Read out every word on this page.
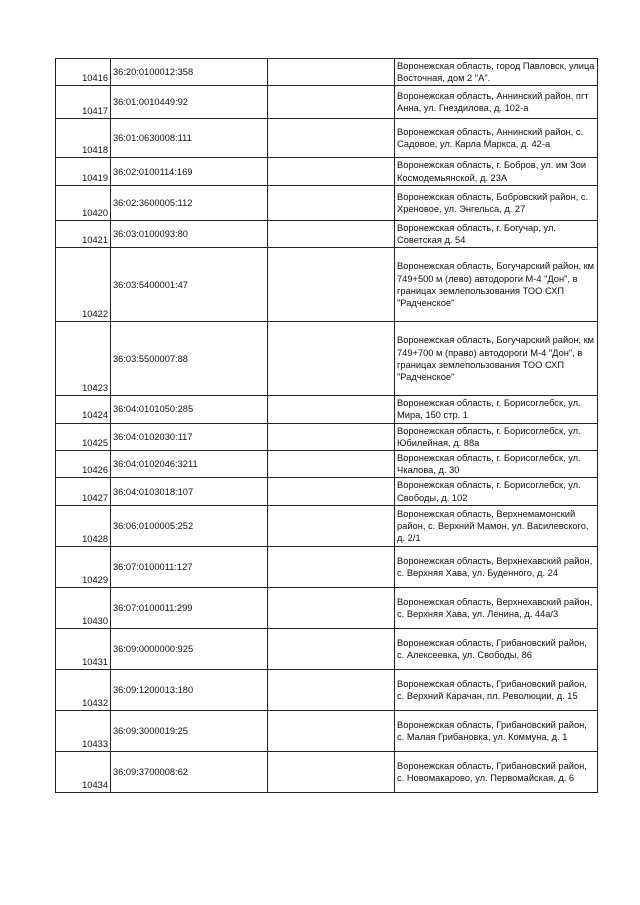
10416	36:20:0100012:358		Воронежская область, город Павловск, улица Восточная, дом 2 "А".
10417	36:01:0010449:92		Воронежская область, Аннинский район, пгт Анна, ул. Гнездилова, д. 102-а
10418	36:01:0630008:111		Воронежская область, Аннинский район, с. Садовое, ул. Карла Маркса, д. 42-а
10419	36:02:0100114:169		Воронежская область, г. Бобров, ул. им Зои Космодемьянской, д. 23А
10420	36:02:3600005:112		Воронежская область, Бобровский район, с. Хреновое, ул. Энгельса, д. 27
10421	36:03:0100093:80		Воронежская область, г. Богучар, ул. Советская д. 54
10422	36:03:5400001:47		Воронежская область, Богучарский район, км 749+500 м (лево) автодороги М-4 "Дон", в границах землепользования ТОО СХП "Радченское"
10423	36:03:5500007:88		Воронежская область, Богучарский район, км 749+700 м (право) автодороги М-4 "Дон", в границах землепользования ТОО СХП "Радченское"
10424	36:04:0101050:285		Воронежская область, г. Борисоглебск, ул. Мира, 150 стр. 1
10425	36:04:0102030:117		Воронежская область, г. Борисоглебск, ул. Юбилейная, д. 88а
10426	36:04:0102046:3211		Воронежская область, г. Борисоглебск, ул. Чкалова, д. 30
10427	36:04:0103018:107		Воронежская область, г. Борисоглебск, ул. Свободы, д. 102
10428	36:06:0100005:252		Воронежская область, Верхнемамонский район, с. Верхний Мамон, ул. Василевского, д. 2/1
10429	36:07:0100011:127		Воронежская область, Верхнехавский район, с. Верхняя Хава, ул. Буденного, д. 24
10430	36:07:0100011:299		Воронежская область, Верхнехавский район, с. Верхняя Хава, ул. Ленина, д. 44а/3
10431	36:09:0000000:925		Воронежская область, Грибановский район, с. Алексеевка, ул. Свободы, 86
10432	36:09:1200013:180		Воронежская область, Грибановский район, с. Верхний Карачан, пл. Революции, д. 15
10433	36:09:3000019:25		Воронежская область, Грибановский район, с. Малая Грибановка, ул. Коммуна, д. 1
10434	36:09:3700008:62		Воронежская область, Грибановский район, с. Новомакарово, ул. Первомайская, д. 6
